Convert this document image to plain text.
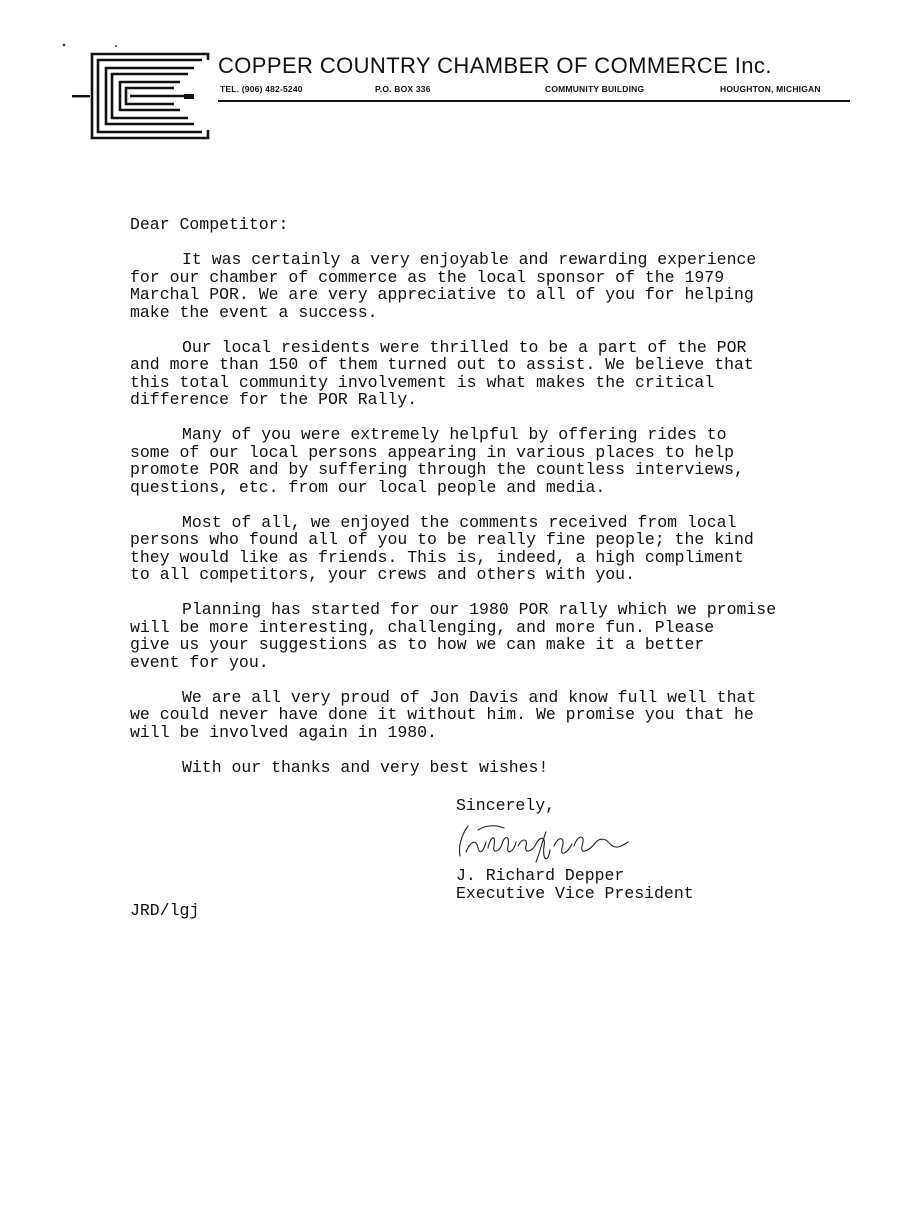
COPPER COUNTRY CHAMBER OF COMMERCE Inc.
TEL. (906) 482-5240	P.O. BOX 336	COMMUNITY BUILDING	HOUGHTON, MICHIGAN

Dear Competitor:

It was certainly a very enjoyable and rewarding experience
for our chamber of commerce as the local sponsor of the 1979
Marchal POR. We are very appreciative to all of you for helping
make the event a success.

Our local residents were thrilled to be a part of the POR
and more than 150 of them turned out to assist. We believe that
this total community involvement is what makes the critical
difference for the POR Rally.

Many of you were extremely helpful by offering rides to
some of our local persons appearing in various places to help
promote POR and by suffering through the countless interviews,
questions, etc. from our local people and media.

Most of all, we enjoyed the comments received from local
persons who found all of you to be really fine people; the kind
they would like as friends. This is, indeed, a high compliment
to all competitors, your crews and others with you.

Planning has started for our 1980 POR rally which we promise
will be more interesting, challenging, and more fun. Please
give us your suggestions as to how we can make it a better
event for you.

We are all very proud of Jon Davis and know full well that
we could never have done it without him. We promise you that he
will be involved again in 1980.

With our thanks and very best wishes!

Sincerely,
J. Richard Depper
Executive Vice President
JRD/lgj
